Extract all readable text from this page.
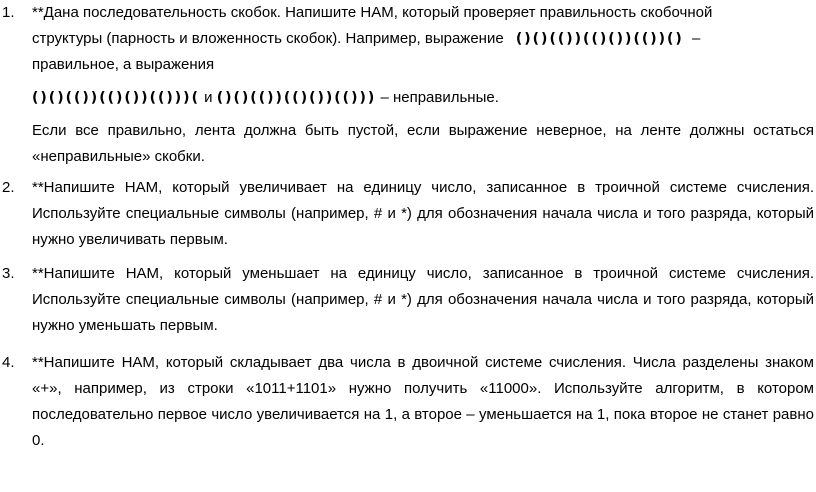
1. **Дана последовательность скобок. Напишите НАМ, который проверяет правильность скобочной
структуры (парность и вложенность скобок). Например, выражение ()()(())(()())(())() –
правильное, а выражения
()()(())(()())(()))( и ()()(())(()())(())) – неправильные.
Если все правильно, лента должна быть пустой, если выражение неверное, на ленте должны остаться «неправильные» скобки.
2. **Напишите НАМ, который увеличивает на единицу число, записанное в троичной системе счисления. Используйте специальные символы (например, # и *) для обозначения начала числа и того разряда, который нужно увеличивать первым.
3. **Напишите НАМ, который уменьшает на единицу число, записанное в троичной системе счисления. Используйте специальные символы (например, # и *) для обозначения начала числа и того разряда, который нужно уменьшать первым.
4. **Напишите НАМ, который складывает два числа в двоичной системе счисления. Числа разделены знаком «+», например, из строки «1011+1101» нужно получить «11000». Используйте алгоритм, в котором последовательно первое число увеличивается на 1, а второе – уменьшается на 1, пока второе не станет равно 0.
